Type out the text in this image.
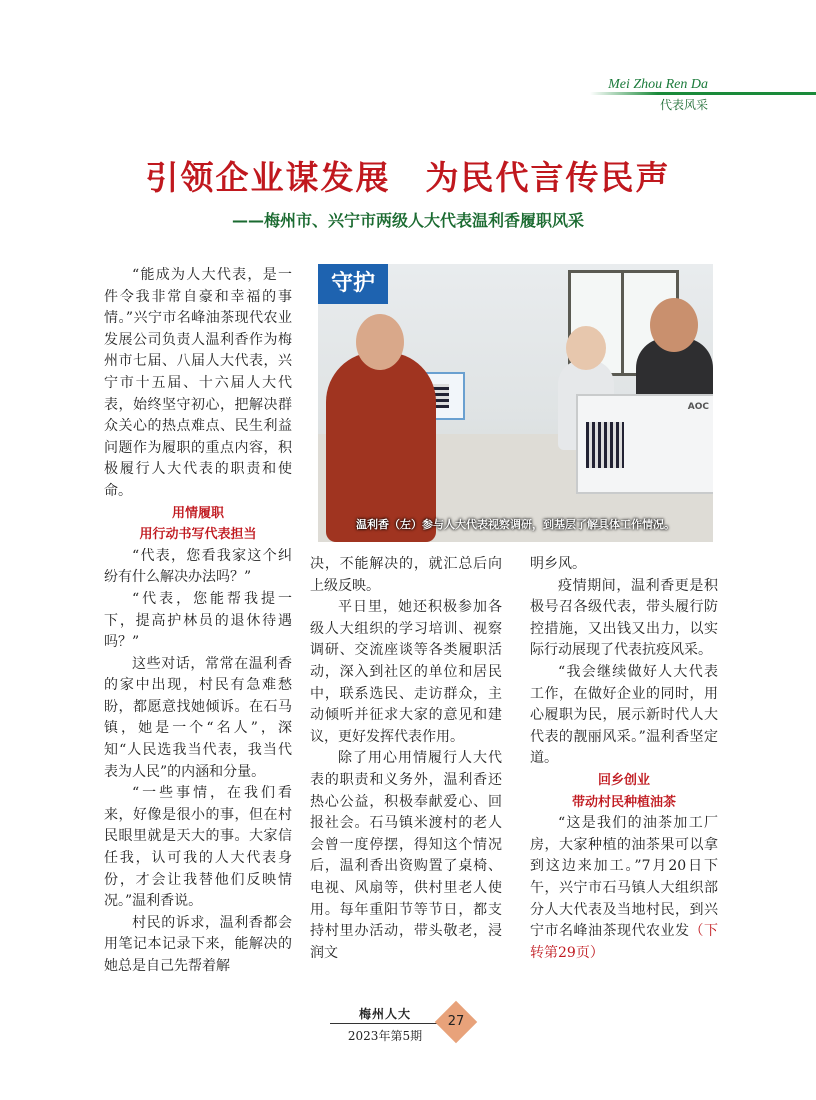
Mei Zhou Ren Da
代表风采
引领企业谋发展　为民代言传民声
——梅州市、兴宁市两级人大代表温利香履职风采

“能成为人大代表，是一件令我非常自豪和幸福的事情。”兴宁市名峰油茶现代农业发展公司负责人温利香作为梅州市七届、八届人大代表，兴宁市十五届、十六届人大代表，始终坚守初心，把解决群众关心的热点难点、民生利益问题作为履职的重点内容，积极履行人大代表的职责和使命。

用情履职
用行动书写代表担当

“代表，您看我家这个纠纷有什么解决办法吗？”

“代表，您能帮我提一下，提高护林员的退休待遇吗？”

这些对话，常常在温利香的家中出现，村民有急难愁盼，都愿意找她倾诉。在石马镇，她是一个“名人”，深知“人民选我当代表，我当代表为人民”的内涵和分量。

“一些事情，在我们看来，好像是很小的事，但在村民眼里就是天大的事。大家信任我，认可我的人大代表身份，才会让我替他们反映情况。”温利香说。

村民的诉求，温利香都会用笔记本记录下来，能解决的她总是自己先帮着解

守护
AOC
温利香（左）参与人大代表视察调研，到基层了解具体工作情况。

决，不能解决的，就汇总后向上级反映。

平日里，她还积极参加各级人大组织的学习培训、视察调研、交流座谈等各类履职活动，深入到社区的单位和居民中，联系选民、走访群众，主动倾听并征求大家的意见和建议，更好发挥代表作用。

除了用心用情履行人大代表的职责和义务外，温利香还热心公益，积极奉献爱心、回报社会。石马镇米渡村的老人会曾一度停摆，得知这个情况后，温利香出资购置了桌椅、电视、风扇等，供村里老人使用。每年重阳节等节日，都支持村里办活动，带头敬老，浸润文

明乡风。

疫情期间，温利香更是积极号召各级代表，带头履行防控措施，又出钱又出力，以实际行动展现了代表抗疫风采。

“我会继续做好人大代表工作，在做好企业的同时，用心履职为民，展示新时代人大代表的靓丽风采。”温利香坚定道。

回乡创业
带动村民种植油茶

“这是我们的油茶加工厂房，大家种植的油茶果可以拿到这边来加工。”7月20日下午，兴宁市石马镇人大组织部分人大代表及当地村民，到兴宁市名峰油茶现代农业发（下转第29页）

梅州人大
2023年第5期
27
